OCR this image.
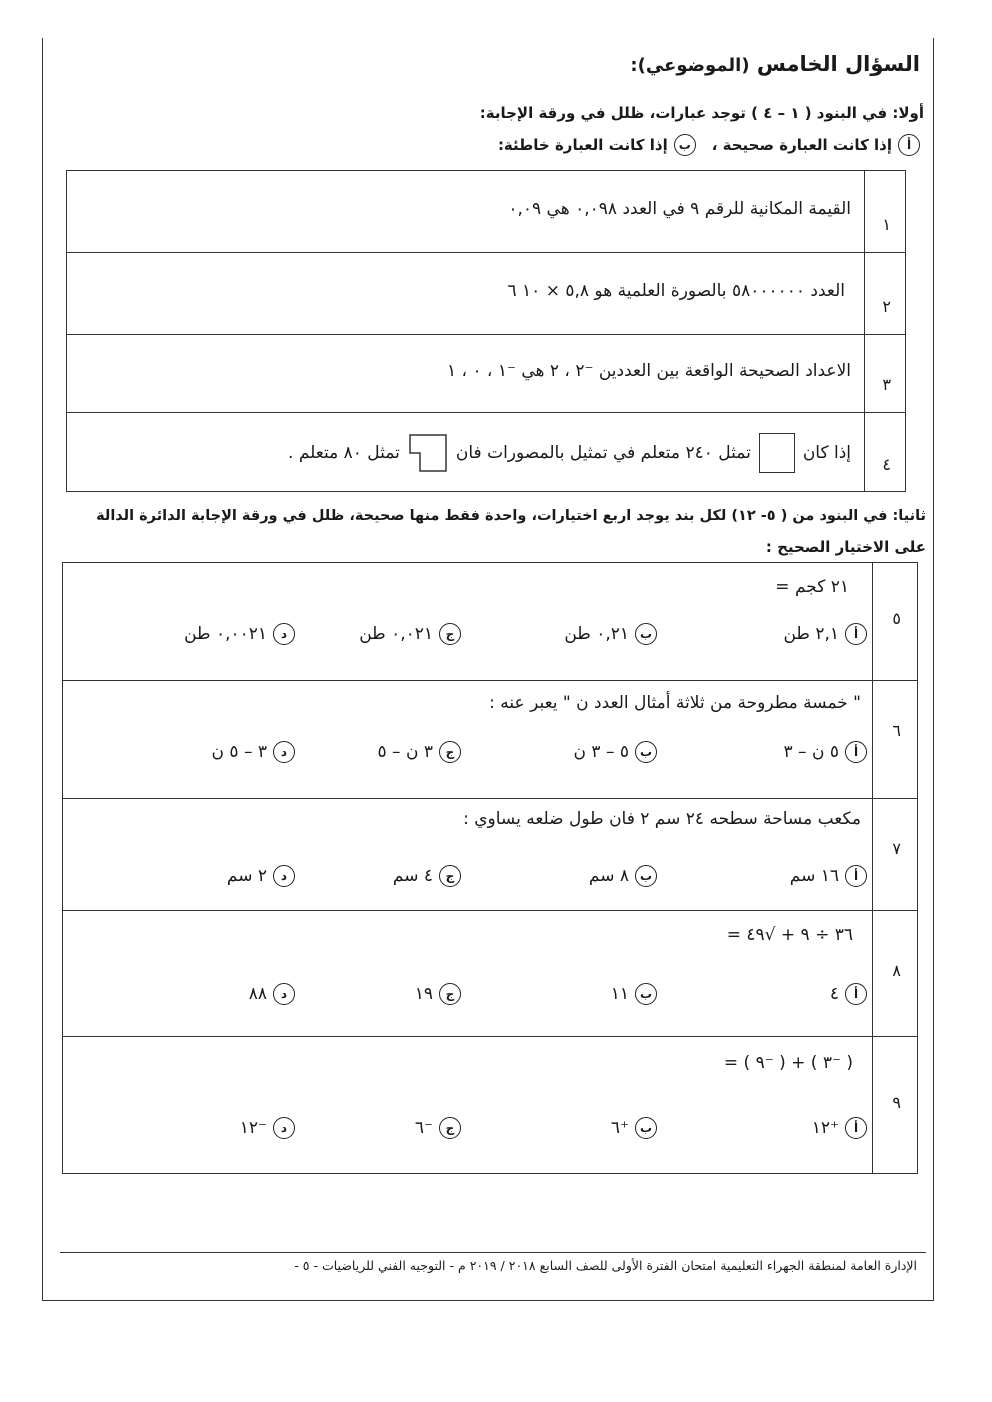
السؤال الخامس (الموضوعي):
أولا: في البنود ( ١ – ٤ ) توجد عبارات، ظلل في ورقة الإجابة:
أ
إذا كانت العبارة صحيحة ،
ب
إذا كانت العبارة خاطئة:
١
القيمة المكانية للرقم ٩ في العدد ٠,٠٩٨ هي ٠,٠٩
٢
العدد ٥٨٠٠٠٠٠٠ بالصورة العلمية هو ٥,٨ × ١٠ ٦
٣
الاعداد الصحيحة الواقعة بين العددين ⁻٢ ، ٢ هي ⁻١ ، ٠ ، ١
٤
إذا كان
تمثل ٢٤٠ متعلم في تمثيل بالمصورات فان
تمثل ٨٠ متعلم .
ثانيا: في البنود من ( ٥- ١٢) لكل بند يوجد اربع اختيارات، واحدة فقط منها صحيحة، ظلل في ورقة الإجابة الدائرة الدالة
على الاختيار الصحيح :
٥
٢١ كجم =
أ
٢,١ طن
ب
٠,٢١ طن
ج
٠,٠٢١ طن
د
٠,٠٠٢١ طن
٦
" خمسة مطروحة من ثلاثة أمثال العدد ن " يعبر عنه :
أ
٥ ن – ٣
ب
٥ – ٣ ن
ج
٣ ن – ٥
د
٣ – ٥ ن
٧
مكعب مساحة سطحه ٢٤ سم ٢ فان طول ضلعه يساوي :
أ
١٦ سم
ب
٨ سم
ج
٤ سم
د
٢ سم
٨
٣٦ ÷ ٩ + √٤٩ =
أ
٤
ب
١١
ج
١٩
د
٨٨
٩
( ⁻٣ ) + ( ⁻٩ ) =
أ
⁺١٢
ب
⁺٦
ج
⁻٦
د
⁻١٢
الإدارة العامة لمنطقة الجهراء التعليمية امتحان الفترة الأولى للصف السابع ٢٠١٨ / ٢٠١٩ م - التوجيه الفني للرياضيات - ٥ -
